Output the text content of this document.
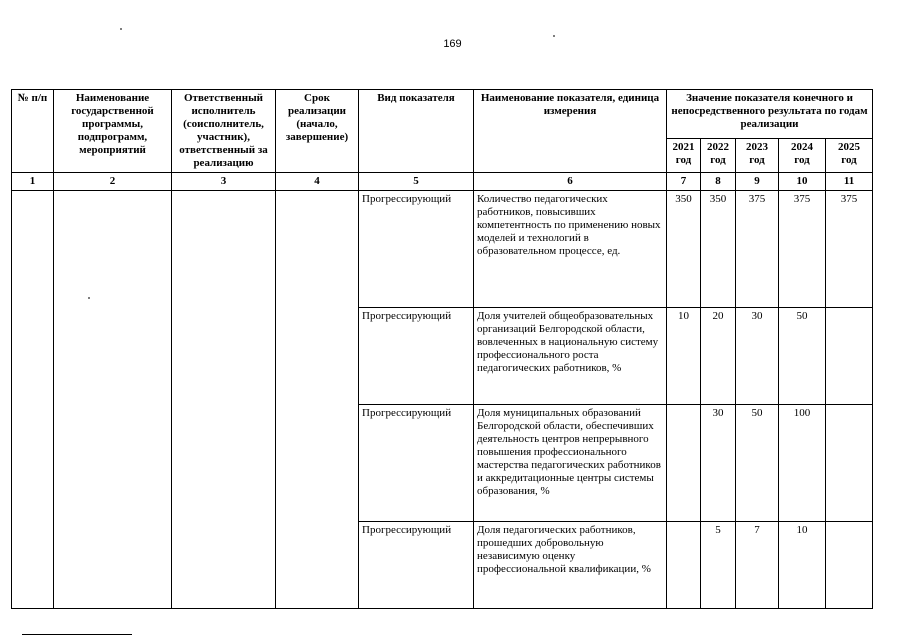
169
№ п/п	Наименование государственной программы, подпрограмм, мероприятий	Ответственный исполнитель (соисполнитель, участник), ответственный за реализацию	Срок реализации (начало, завершение)	Вид показателя	Наименование показателя, единица измерения	Значение показателя конечного и непосредственного результата по годам реализации				
						2021 год	2022 год	2023 год	2024 год	2025 год
1	2	3	4	5	6	7	8	9	10	11
				Прогрессирующий	Количество педагогических работников, повысивших компетентность по применению новых моделей и технологий в образовательном процессе, ед.	350	350	375	375	375
				Прогрессирующий	Доля учителей общеобразовательных организаций Белгородской области, вовлеченных в национальную систему профессионального роста педагогических работников, %	10	20	30	50	
				Прогрессирующий	Доля муниципальных образований Белгородской области, обеспечивших деятельность центров непрерывного повышения профессионального мастерства педагогических работников и аккредитационные центры системы образования, %		30	50	100	
				Прогрессирующий	Доля педагогических работников, прошедших добровольную независимую оценку профессиональной квалификации, %		5	7	10	
